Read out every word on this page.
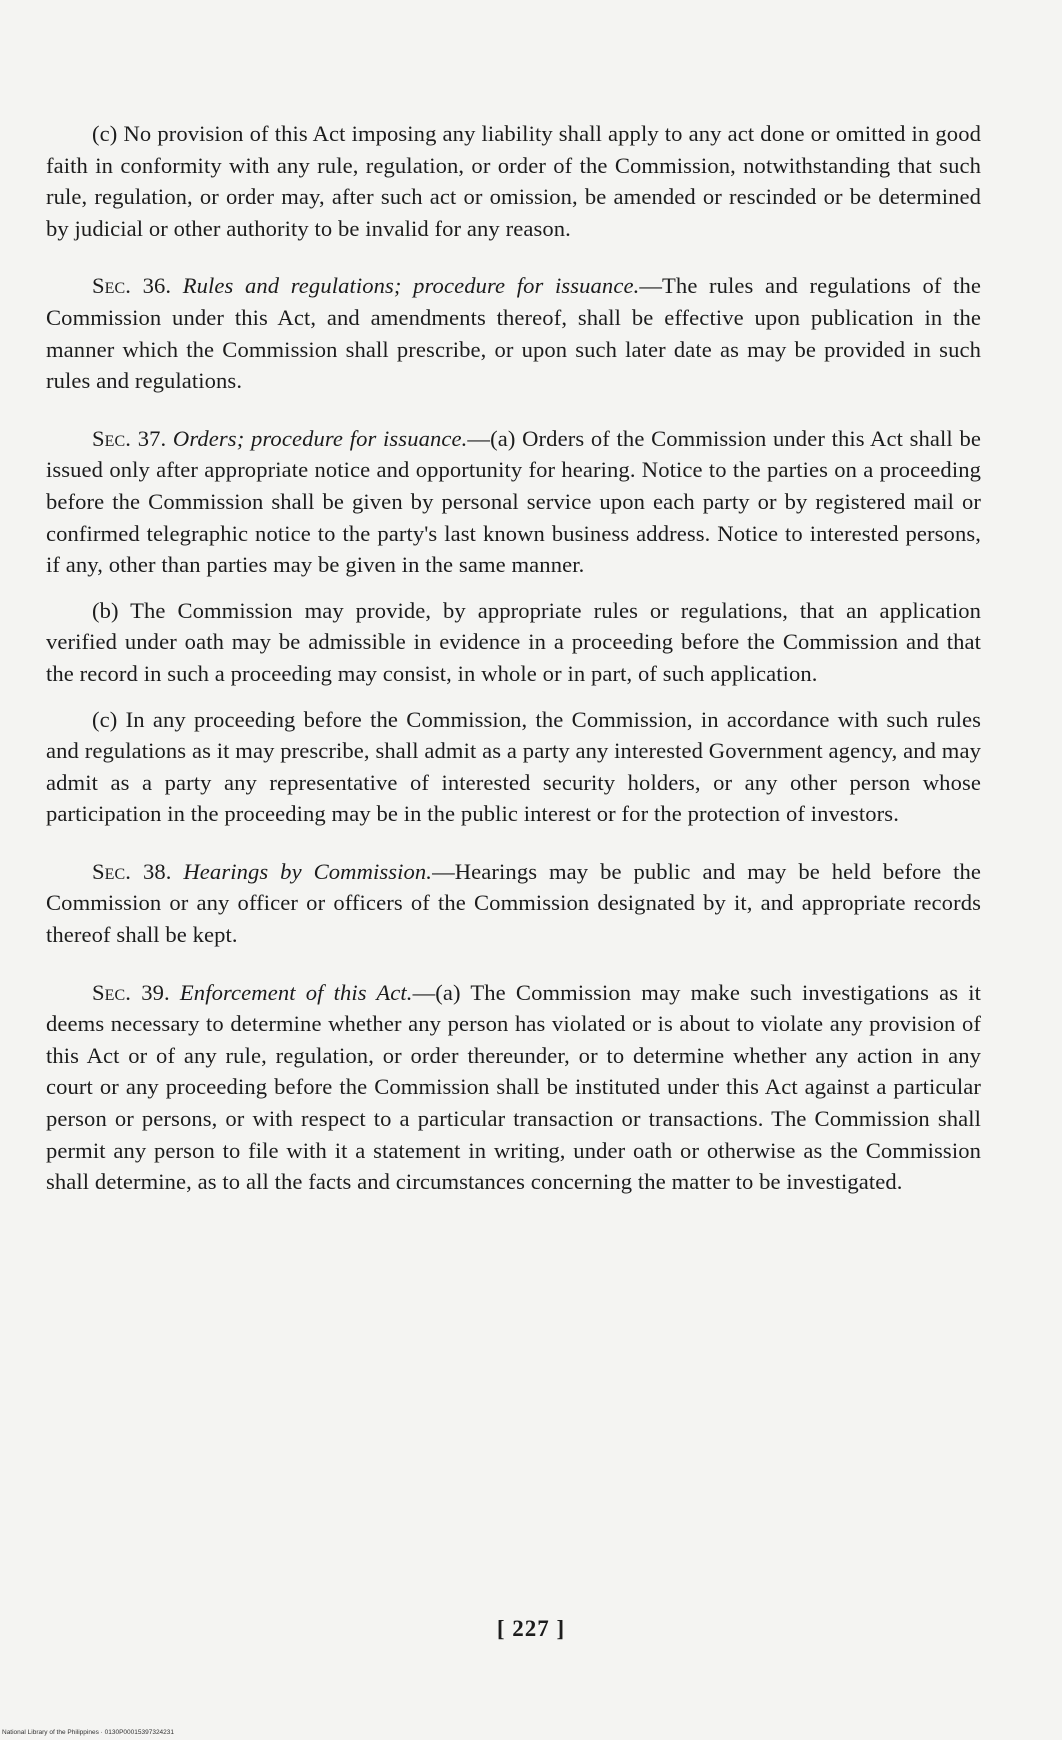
(c) No provision of this Act imposing any liability shall apply to any act done or omitted in good faith in conformity with any rule, regulation, or order of the Commission, notwithstanding that such rule, regulation, or order may, after such act or omission, be amended or rescinded or be determined by judicial or other authority to be invalid for any reason.

Sec. 36. Rules and regulations; procedure for issuance.—The rules and regulations of the Commission under this Act, and amendments thereof, shall be effective upon publication in the manner which the Commission shall prescribe, or upon such later date as may be provided in such rules and regulations.

Sec. 37. Orders; procedure for issuance.—(a) Orders of the Commission under this Act shall be issued only after appropriate notice and opportunity for hearing. Notice to the parties on a proceeding before the Commission shall be given by personal service upon each party or by registered mail or confirmed telegraphic notice to the party's last known business address. Notice to interested persons, if any, other than parties may be given in the same manner.

(b) The Commission may provide, by appropriate rules or regulations, that an application verified under oath may be admissible in evidence in a proceeding before the Commission and that the record in such a proceeding may consist, in whole or in part, of such application.

(c) In any proceeding before the Commission, the Commission, in accordance with such rules and regulations as it may prescribe, shall admit as a party any interested Government agency, and may admit as a party any representative of interested security holders, or any other person whose participation in the proceeding may be in the public interest or for the protection of investors.

Sec. 38. Hearings by Commission.—Hearings may be public and may be held before the Commission or any officer or officers of the Commission designated by it, and appropriate records thereof shall be kept.

Sec. 39. Enforcement of this Act.—(a) The Commission may make such investigations as it deems necessary to determine whether any person has violated or is about to violate any provision of this Act or of any rule, regulation, or order thereunder, or to determine whether any action in any court or any proceeding before the Commission shall be instituted under this Act against a particular person or persons, or with respect to a particular transaction or transactions. The Commission shall permit any person to file with it a statement in writing, under oath or otherwise as the Commission shall determine, as to all the facts and circumstances concerning the matter to be investigated.

[ 227 ]
National Library of the Philippines · 0130P00015397324231
